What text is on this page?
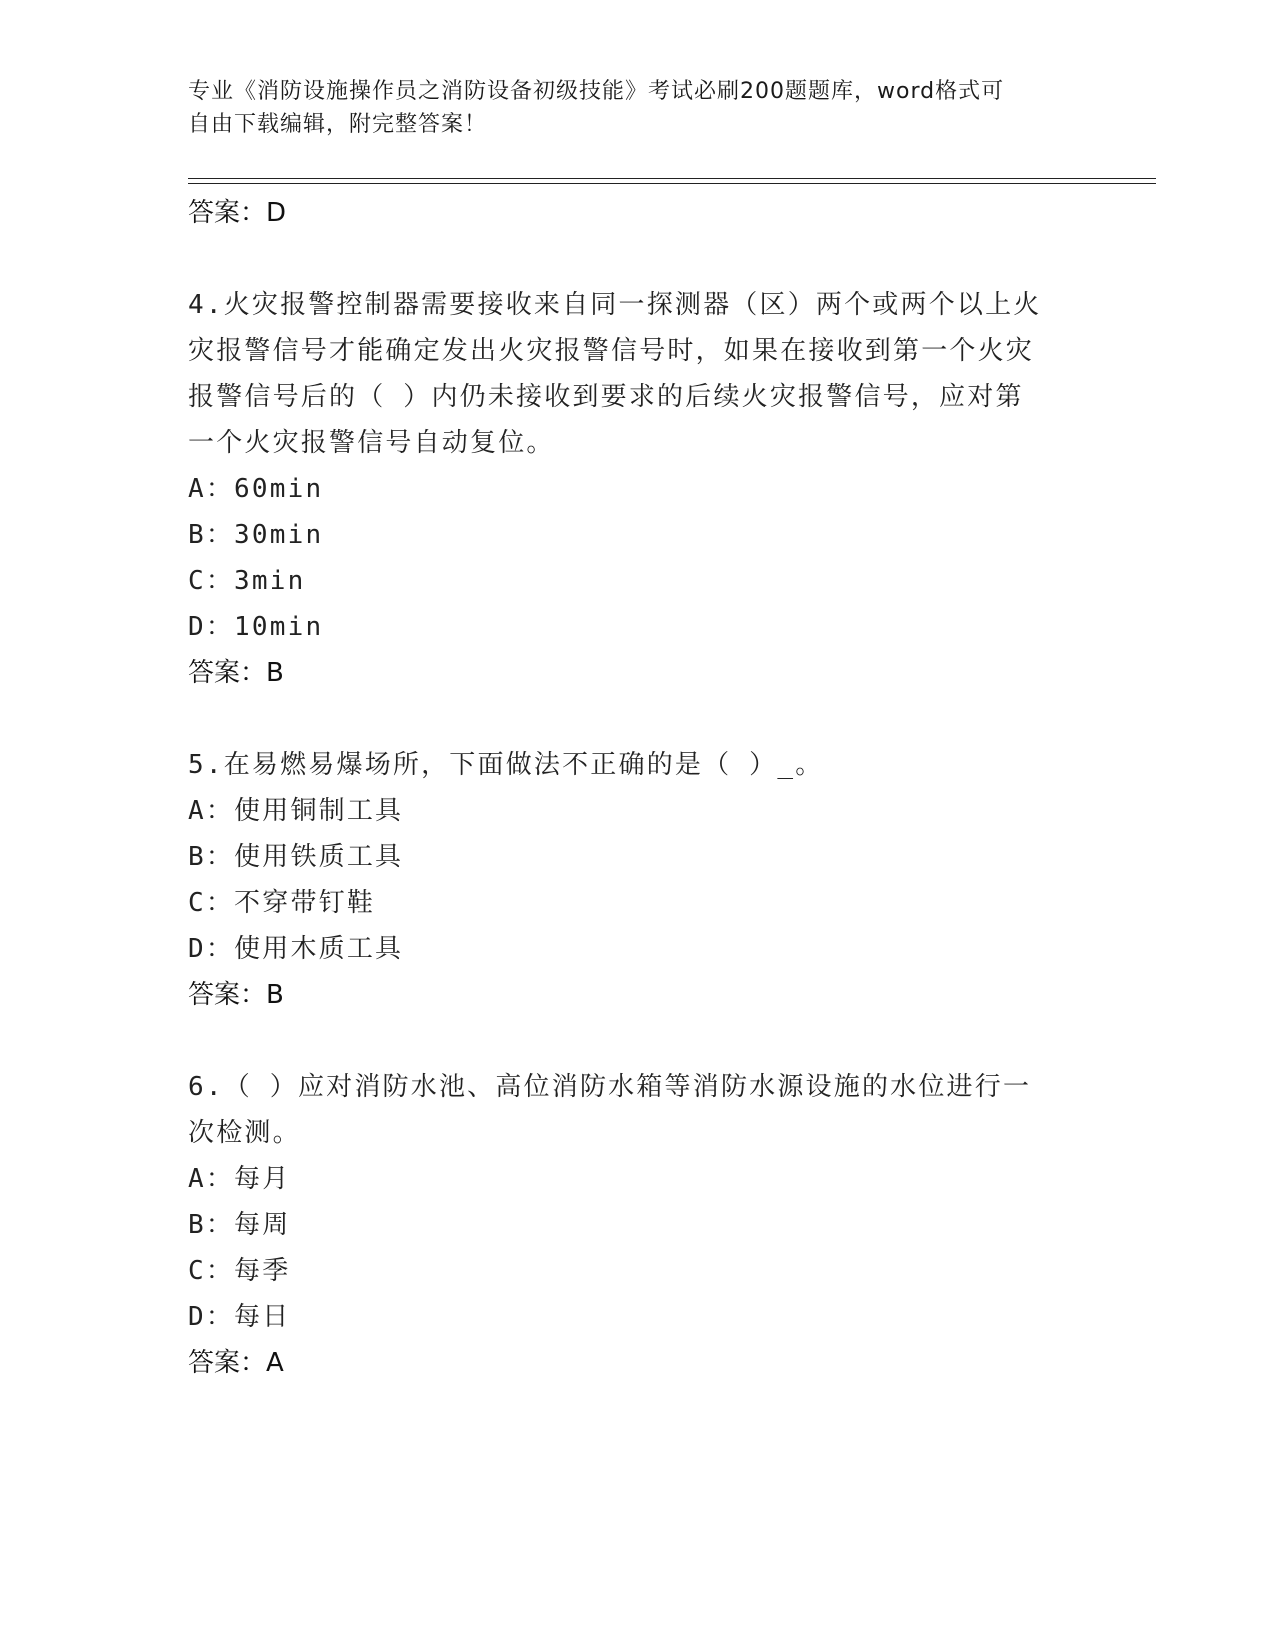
专业《消防设施操作员之消防设备初级技能》考试必刷200题题库，word格式可
自由下载编辑，附完整答案！
答案：D
4.火灾报警控制器需要接收来自同一探测器（区）两个或两个以上火
灾报警信号才能确定发出火灾报警信号时，如果在接收到第一个火灾
报警信号后的（ ）内仍未接收到要求的后续火灾报警信号，应对第
一个火灾报警信号自动复位。
A：60min
B：30min
C：3min
D：10min
答案：B
5.在易燃易爆场所，下面做法不正确的是（ ）_。
A：使用铜制工具
B：使用铁质工具
C：不穿带钉鞋
D：使用木质工具
答案：B
6.（ ）应对消防水池、高位消防水箱等消防水源设施的水位进行一
次检测。
A：每月
B：每周
C：每季
D：每日
答案：A
